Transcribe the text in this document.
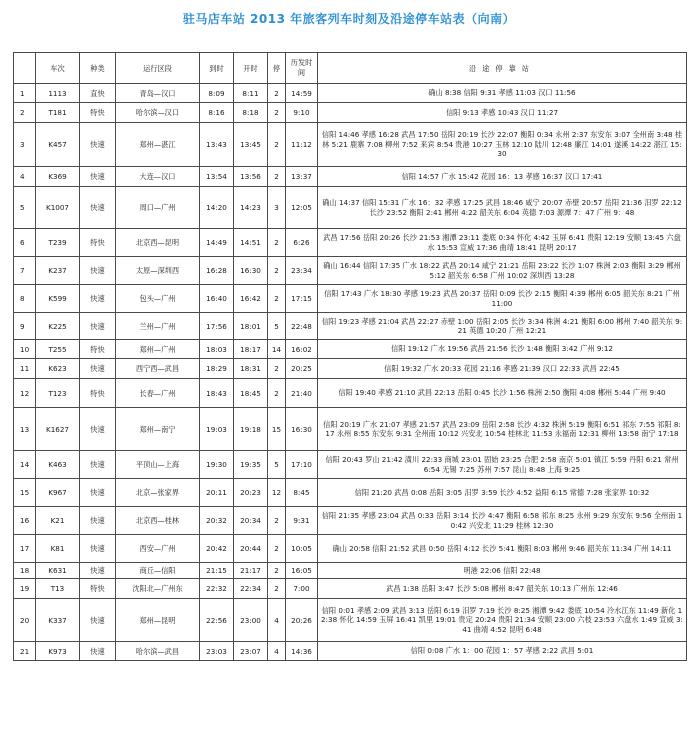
驻马店车站 2013 年旅客列车时刻及沿途停车站表（向南）
	车次	种类	运行区段	到时	开时	停	历发时间	沿途停靠站
1	1113	直快	青岛—汉口	8:09	8:11	2	14:59	确山 8:38 信阳 9:31 孝感 11:03 汉口 11:56
2	T181	特快	哈尔滨—汉口	8:16	8:18	2	9:10	信阳 9:13 孝感 10:43 汉口 11:27
3	K457	快速	郑州—湛江	13:43	13:45	2	11:12	信阳 14:46 孝感 16:28 武昌 17:50 岳阳 20:19 长沙 22:07 衡阳 0:34 永州 2:37 东安东 3:07 全州南 3:48 桂林 5:21 鹿寨 7:08 柳州 7:52 来宾 8:54 贵港 10:27 玉林 12:10 陆川 12:48 廉江 14:01 遂溪 14:22 湛江 15:30
4	K369	快速	大连—汉口	13:54	13:56	2	13:37	信阳 14:57 广水 15:42 花园 16：13 孝感 16:37 汉口 17:41
5	K1007	快速	周口—广州	14:20	14:23	3	12:05	确山 14:37 信阳 15:31 广水 16：32 孝感 17:25 武昌 18:46 咸宁 20:07 赤壁 20:57 岳阳 21:36 汨罗 22:12 长沙 23:52 衡阳 2:41 郴州 4:22 韶关东 6:04 英德 7:03 源潭 7：47 广州 9：48
6	T239	特快	北京西—昆明	14:49	14:51	2	6:26	武昌 17:56 岳阳 20:26 长沙 21:53 湘潭 23:11 娄底 0:34 怀化 4:42 玉屏 6:41 贵阳 12:19 安顺 13:45 六盘水 15:53 宣威 17:36 曲靖 18:41 昆明 20:17
7	K237	快速	太原—深圳西	16:28	16:30	2	23:34	确山 16:44 信阳 17:35 广水 18:22 武昌 20:14 咸宁 21:21 岳阳 23:22 长沙 1:07 株洲 2:03 衡阳 3:29 郴州 5:12 韶关东 6:58 广州 10:02 深圳西 13:28
8	K599	快速	包头—广州	16:40	16:42	2	17:15	信阳 17:43 广水 18:30 孝感 19:23 武昌 20:37 岳阳 0:09 长沙 2:15 衡阳 4:39 郴州 6:05 韶关东 8:21 广州 11:00
9	K225	快速	兰州—广州	17:56	18:01	5	22:48	信阳 19:23 孝感 21:04 武昌 22:27 赤壁 1:00 岳阳 2:05 长沙 3:34 株洲 4:21 衡阳 6:00 郴州 7:40 韶关东 9:21 英德 10:20 广州 12:21
10	T255	特快	郑州—广州	18:03	18:17	14	16:02	信阳 19:12 广水 19:56 武昌 21:56 长沙 1:48 衡阳 3:42 广州 9:12
11	K623	快速	西宁西—武昌	18:29	18:31	2	20:25	信阳 19:32 广水 20:33 花园 21:16 孝感 21:39 汉口 22:33 武昌 22:45
12	T123	特快	长春—广州	18:43	18:45	2	21:40	信阳 19:40 孝感 21:10 武昌 22:13 岳阳 0:45 长沙 1:56 株洲 2:50 衡阳 4:08 郴州 5:44 广州 9:40
13	K1627	快速	郑州—南宁	19:03	19:18	15	16:30	信阳 20:19 广水 21:07 孝感 21:57 武昌 23:09 岳阳 2:58 长沙 4:32 株洲 5:19 衡阳 6:51 祁东 7:55 祁阳 8:17 永州 8:55 东安东 9:31 全州南 10:12 兴安北 10:54 桂林北 11:53 永福南 12:31 柳州 13:58 南宁 17:18
14	K463	快速	平顶山—上海	19:30	19:35	5	17:10	信阳 20:43 罗山 21:42 潢川 22:33 商城 23:01 固始 23:25 合肥 2:58 南京 5:01 镇江 5:59 丹阳 6:21 常州 6:54 无锡 7:25 苏州 7:57 昆山 8:48 上海 9:25
15	K967	快速	北京—张家界	20:11	20:23	12	8:45	信阳 21:20 武昌 0:08 岳阳 3:05 汨罗 3:59 长沙 4:52 益阳 6:15 常德 7:28 张家界 10:32
16	K21	快速	北京西—桂林	20:32	20:34	2	9:31	信阳 21:35 孝感 23:04 武昌 0:33 岳阳 3:14 长沙 4:47 衡阳 6:58 祁东 8:25 永州 9:29 东安东 9:56 全州南 10:42 兴安北 11:29 桂林 12:30
17	K81	快速	西安—广州	20:42	20:44	2	10:05	确山 20:58 信阳 21:52 武昌 0:50 岳阳 4:12 长沙 5:41 衡阳 8:03 郴州 9:46 韶关东 11:34 广州 14:11
18	K631	快速	商丘—信阳	21:15	21:17	2	16:05	明港 22:06 信阳 22:48
19	T13	特快	沈阳北—广州东	22:32	22:34	2	7:00	武昌 1:38 岳阳 3:47 长沙 5:08 郴州 8:47 韶关东 10:13 广州东 12:46
20	K337	快速	郑州—昆明	22:56	23:00	4	20:26	信阳 0:01 孝感 2:09 武昌 3:13 岳阳 6:19 汨罗 7:19 长沙 8:25 湘潭 9:42 娄底 10:54 冷水江东 11:49 新化 12:38 怀化 14:59 玉屏 16:41 凯里 19:01 贵定 20:24 贵阳 21:34 安顺 23:00 六枝 23:53 六盘水 1:49 宣威 3:41 曲靖 4:52 昆明 6:48
21	K973	快速	哈尔滨—武昌	23:03	23:07	4	14:36	信阳 0:08 广水 1：00 花园 1：57 孝感 2:22 武昌 5:01
